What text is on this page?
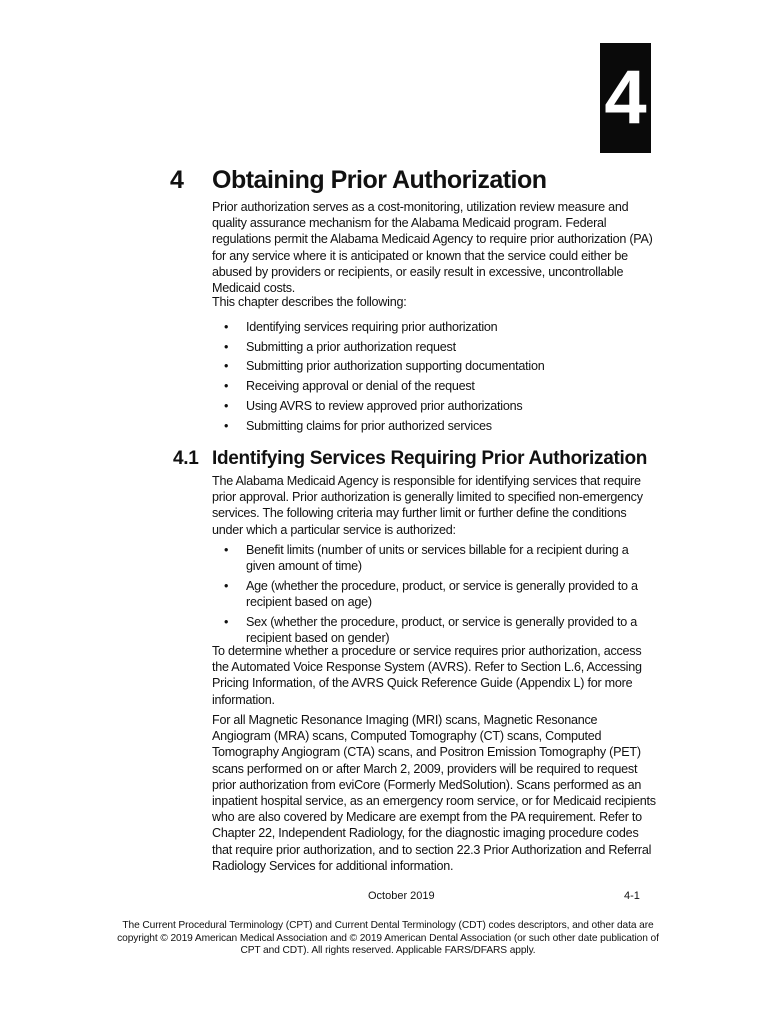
4
4 Obtaining Prior Authorization

Prior authorization serves as a cost-monitoring, utilization review measure and quality assurance mechanism for the Alabama Medicaid program. Federal regulations permit the Alabama Medicaid Agency to require prior authorization (PA) for any service where it is anticipated or known that the service could either be abused by providers or recipients, or easily result in excessive, uncontrollable Medicaid costs.

This chapter describes the following:

• Identifying services requiring prior authorization
• Submitting a prior authorization request
• Submitting prior authorization supporting documentation
• Receiving approval or denial of the request
• Using AVRS to review approved prior authorizations
• Submitting claims for prior authorized services
4.1 Identifying Services Requiring Prior Authorization

The Alabama Medicaid Agency is responsible for identifying services that require prior approval. Prior authorization is generally limited to specified non-emergency services. The following criteria may further limit or further define the conditions under which a particular service is authorized:

• Benefit limits (number of units or services billable for a recipient during a given amount of time)
• Age (whether the procedure, product, or service is generally provided to a recipient based on age)
• Sex (whether the procedure, product, or service is generally provided to a recipient based on gender)

To determine whether a procedure or service requires prior authorization, access the Automated Voice Response System (AVRS). Refer to Section L.6, Accessing Pricing Information, of the AVRS Quick Reference Guide (Appendix L) for more information.

For all Magnetic Resonance Imaging (MRI) scans, Magnetic Resonance Angiogram (MRA) scans, Computed Tomography (CT) scans, Computed Tomography Angiogram (CTA) scans, and Positron Emission Tomography (PET) scans performed on or after March 2, 2009, providers will be required to request prior authorization from eviCore (Formerly MedSolution). Scans performed as an inpatient hospital service, as an emergency room service, or for Medicaid recipients who are also covered by Medicare are exempt from the PA requirement. Refer to Chapter 22, Independent Radiology, for the diagnostic imaging procedure codes that require prior authorization, and to section 22.3 Prior Authorization and Referral Radiology Services for additional information.

October 2019	4-1
The Current Procedural Terminology (CPT) and Current Dental Terminology (CDT) codes descriptors, and other data are copyright © 2019 American Medical Association and © 2019 American Dental Association (or such other date publication of CPT and CDT). All rights reserved. Applicable FARS/DFARS apply.
